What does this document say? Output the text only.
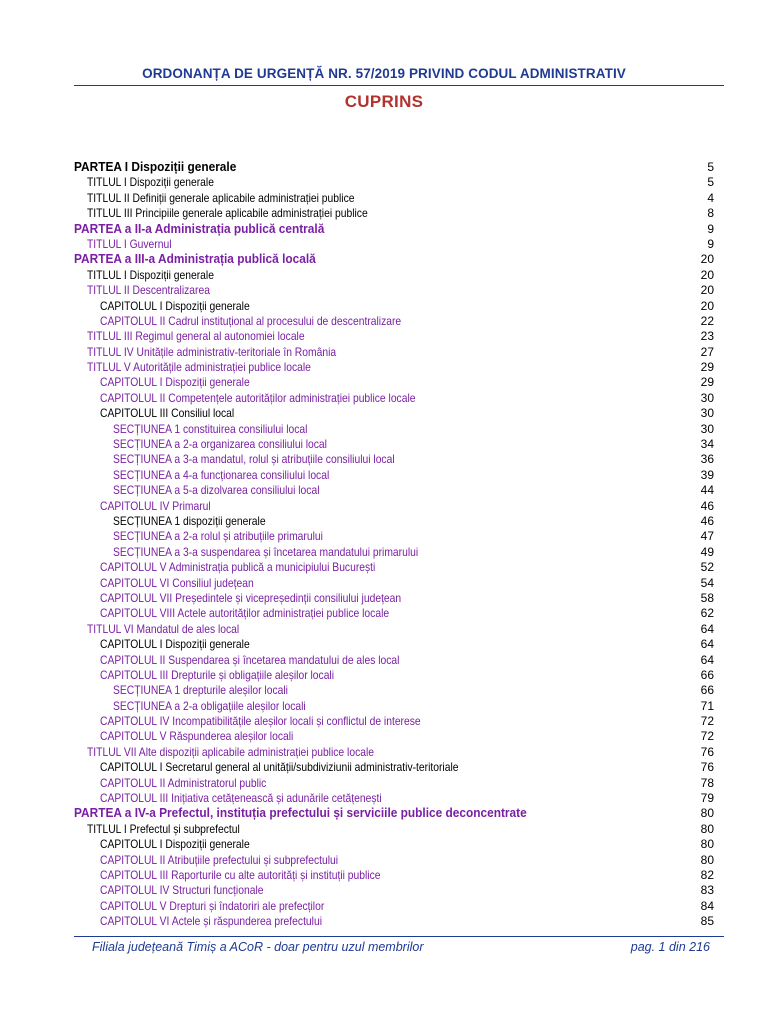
ORDONANȚA DE URGENȚĂ NR. 57/2019 PRIVIND CODUL ADMINISTRATIV
CUPRINS
PARTEA I Dispoziții generale	5
TITLUL I Dispoziții generale	5
TITLUL II Definiții generale aplicabile administrației publice	4
TITLUL III Principiile generale aplicabile administrației publice	8
PARTEA a II-a Administrația publică centrală	9
TITLUL I Guvernul	9
PARTEA a III-a Administrația publică locală	20
TITLUL I Dispoziții generale	20
TITLUL II Descentralizarea	20
CAPITOLUL I Dispoziții generale	20
CAPITOLUL II Cadrul instituțional al procesului de descentralizare	22
TITLUL III Regimul general al autonomiei locale	23
TITLUL IV Unitățile administrativ-teritoriale în România	27
TITLUL V Autoritățile administrației publice locale	29
CAPITOLUL I Dispoziții generale	29
CAPITOLUL II Competențele autorităților administrației publice locale	30
CAPITOLUL III Consiliul local	30
SECȚIUNEA 1 constituirea consiliului local	30
SECȚIUNEA a 2-a organizarea consiliului local	34
SECȚIUNEA a 3-a mandatul, rolul și atribuțiile consiliului local	36
SECȚIUNEA a 4-a funcționarea consiliului local	39
SECȚIUNEA a 5-a dizolvarea consiliului local	44
CAPITOLUL IV Primarul	46
SECȚIUNEA 1 dispoziții generale	46
SECȚIUNEA a 2-a rolul și atribuțiile primarului	47
SECȚIUNEA a 3-a suspendarea și încetarea mandatului primarului	49
CAPITOLUL V Administrația publică a municipiului București	52
CAPITOLUL VI Consiliul județean	54
CAPITOLUL VII Președintele și vicepreședinții consiliului județean	58
CAPITOLUL VIII Actele autorităților administrației publice locale	62
TITLUL VI Mandatul de ales local	64
CAPITOLUL I Dispoziții generale	64
CAPITOLUL II Suspendarea și încetarea mandatului de ales local	64
CAPITOLUL III Drepturile și obligațiile aleșilor locali	66
SECȚIUNEA 1 drepturile aleșilor locali	66
SECȚIUNEA a 2-a obligațiile aleșilor locali	71
CAPITOLUL IV Incompatibilitățile aleșilor locali și conflictul de interese	72
CAPITOLUL V Răspunderea aleșilor locali	72
TITLUL VII Alte dispoziții aplicabile administrației publice locale	76
CAPITOLUL I Secretarul general al unității/subdiviziunii administrativ-teritoriale	76
CAPITOLUL II Administratorul public	78
CAPITOLUL III Inițiativa cetățenească și adunările cetățenești	79
PARTEA a IV-a Prefectul, instituția prefectului și serviciile publice deconcentrate	80
TITLUL I Prefectul și subprefectul	80
CAPITOLUL I Dispoziții generale	80
CAPITOLUL II Atribuțiile prefectului și subprefectului	80
CAPITOLUL III Raporturile cu alte autorități și instituții publice	82
CAPITOLUL IV Structuri funcționale	83
CAPITOLUL V Drepturi și îndatoriri ale prefecților	84
CAPITOLUL VI Actele și răspunderea prefectului	85
Filiala județeană Timiș a ACoR - doar pentru uzul membrilor	pag. 1 din 216
